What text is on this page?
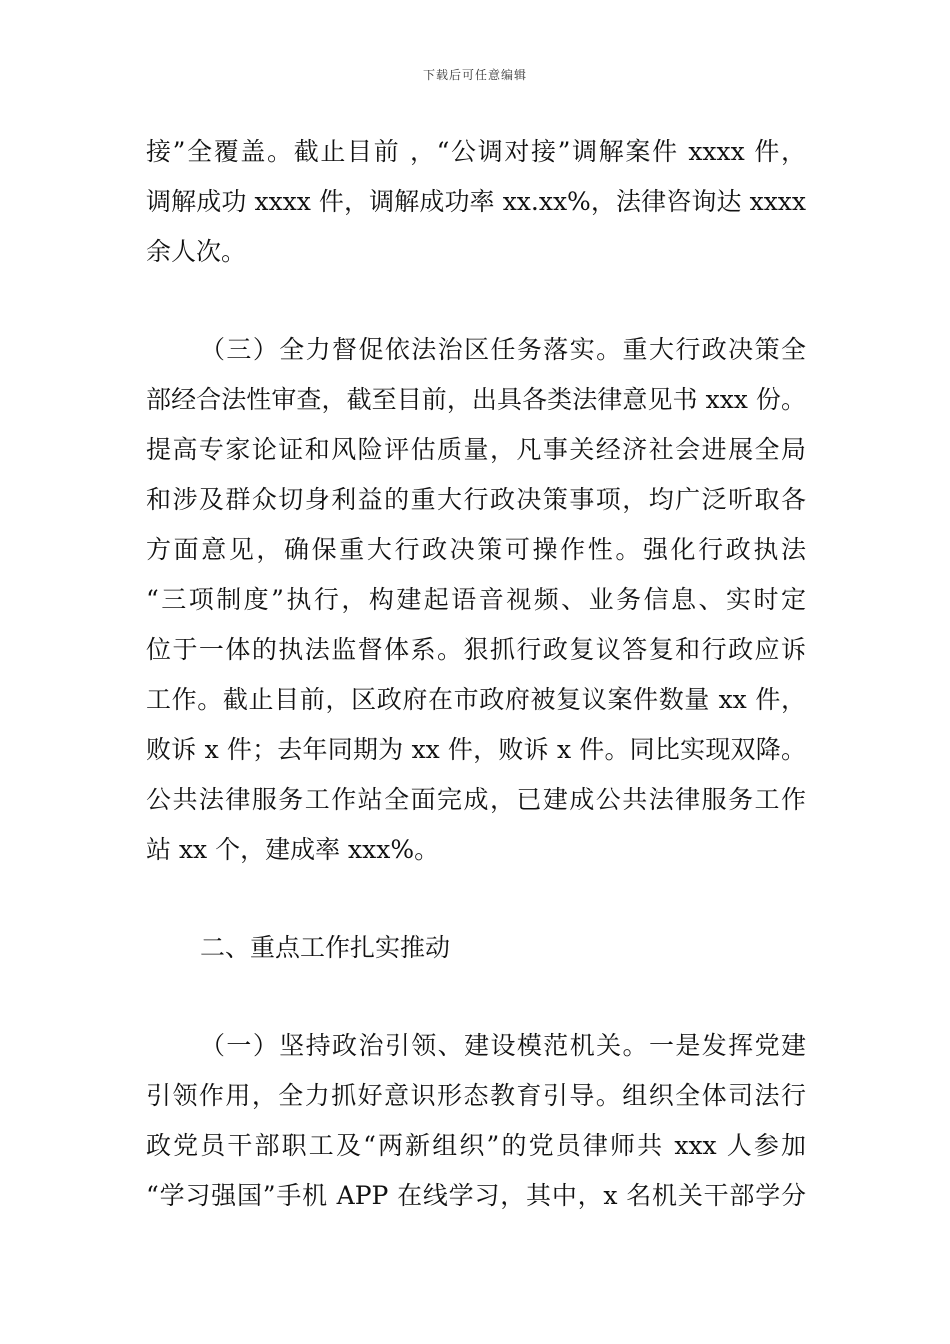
下载后可任意编辑
接”全覆盖。截止目前 ，“公调对接”调解案件 xxxx 件，
调解成功 xxxx 件，调解成功率 xx.xx%，法律咨询达 xxxx
余人次。
（三）全力督促依法治区任务落实。重大行政决策全
部经合法性审查，截至目前，出具各类法律意见书 xxx 份。
提高专家论证和风险评估质量，凡事关经济社会进展全局
和涉及群众切身利益的重大行政决策事项，均广泛听取各
方面意见，确保重大行政决策可操作性。强化行政执法
“三项制度”执行，构建起语音视频、业务信息、实时定
位于一体的执法监督体系。狠抓行政复议答复和行政应诉
工作。截止目前，区政府在市政府被复议案件数量 xx 件，
败诉 x 件；去年同期为 xx 件，败诉 x 件。同比实现双降。
公共法律服务工作站全面完成，已建成公共法律服务工作
站 xx 个，建成率 xxx%。
二、重点工作扎实推动
（一）坚持政治引领、建设模范机关。一是发挥党建
引领作用，全力抓好意识形态教育引导。组织全体司法行
政党员干部职工及“两新组织”的党员律师共 xxx 人参加
“学习强国”手机 APP 在线学习，其中，x 名机关干部学分
